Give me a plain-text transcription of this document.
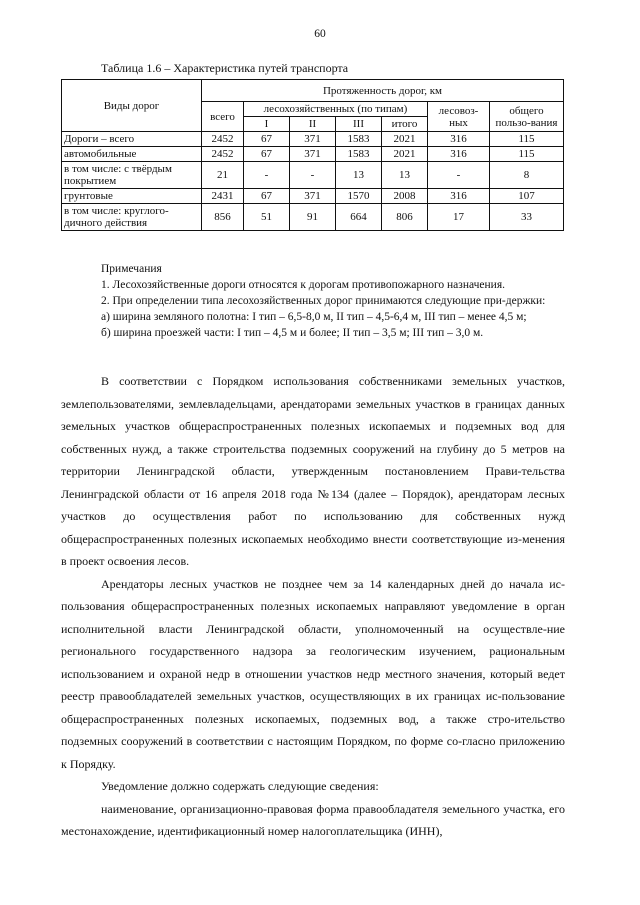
60
Таблица 1.6 – Характеристика путей транспорта
Виды дорог	Протяженность дорог, км						
	всего	лесохозяйственных (по типам)				лесовоз-ных	общего пользо-вания
		I	II	III	итого		
Дороги – всего	2452	67	371	1583	2021	316	115
автомобильные	2452	67	371	1583	2021	316	115
в том числе: с твёрдым покрытием	21	-	-	13	13	-	8
грунтовые	2431	67	371	1570	2008	316	107
в том числе: круглого-дичного действия	856	51	91	664	806	17	33

Примечания

1. Лесохозяйственные дороги относятся к дорогам противопожарного назначения.

2. При определении типа лесохозяйственных дорог принимаются следующие при-держки:

а) ширина земляного полотна: I тип – 6,5-8,0 м, II тип – 4,5-6,4 м, III тип – менее 4,5 м;

б) ширина проезжей части: I тип – 4,5 м и более; II тип – 3,5 м; III тип – 3,0 м.

В соответствии с Порядком использования собственниками земельных участков, землепользователями, землевладельцами, арендаторами земельных участков в границах данных земельных участков общераспространенных полезных ископаемых и подземных вод для собственных нужд, а также строительства подземных сооружений на глубину до 5 метров на территории Ленинградской области, утвержденным постановлением Прави-тельства Ленинградской области от 16 апреля 2018 года №134 (далее – Порядок), арендаторам лесных участков до осуществления работ по использованию для собственных нужд общераспространенных полезных ископаемых необходимо внести соответствующие из-менения в проект освоения лесов.

Арендаторы лесных участков не позднее чем за 14 календарных дней до начала ис-пользования общераспространенных полезных ископаемых направляют уведомление в орган исполнительной власти Ленинградской области, уполномоченный на осуществле-ние регионального государственного надзора за геологическим изучением, рациональным использованием и охраной недр в отношении участков недр местного значения, который ведет реестр правообладателей земельных участков, осуществляющих в их границах ис-пользование общераспространенных полезных ископаемых, подземных вод, а также стро-ительство подземных сооружений в соответствии с настоящим Порядком, по форме со-гласно приложению к Порядку.

Уведомление должно содержать следующие сведения:

наименование, организационно-правовая форма правообладателя земельного участка, его местонахождение, идентификационный номер налогоплательщика (ИНН),
